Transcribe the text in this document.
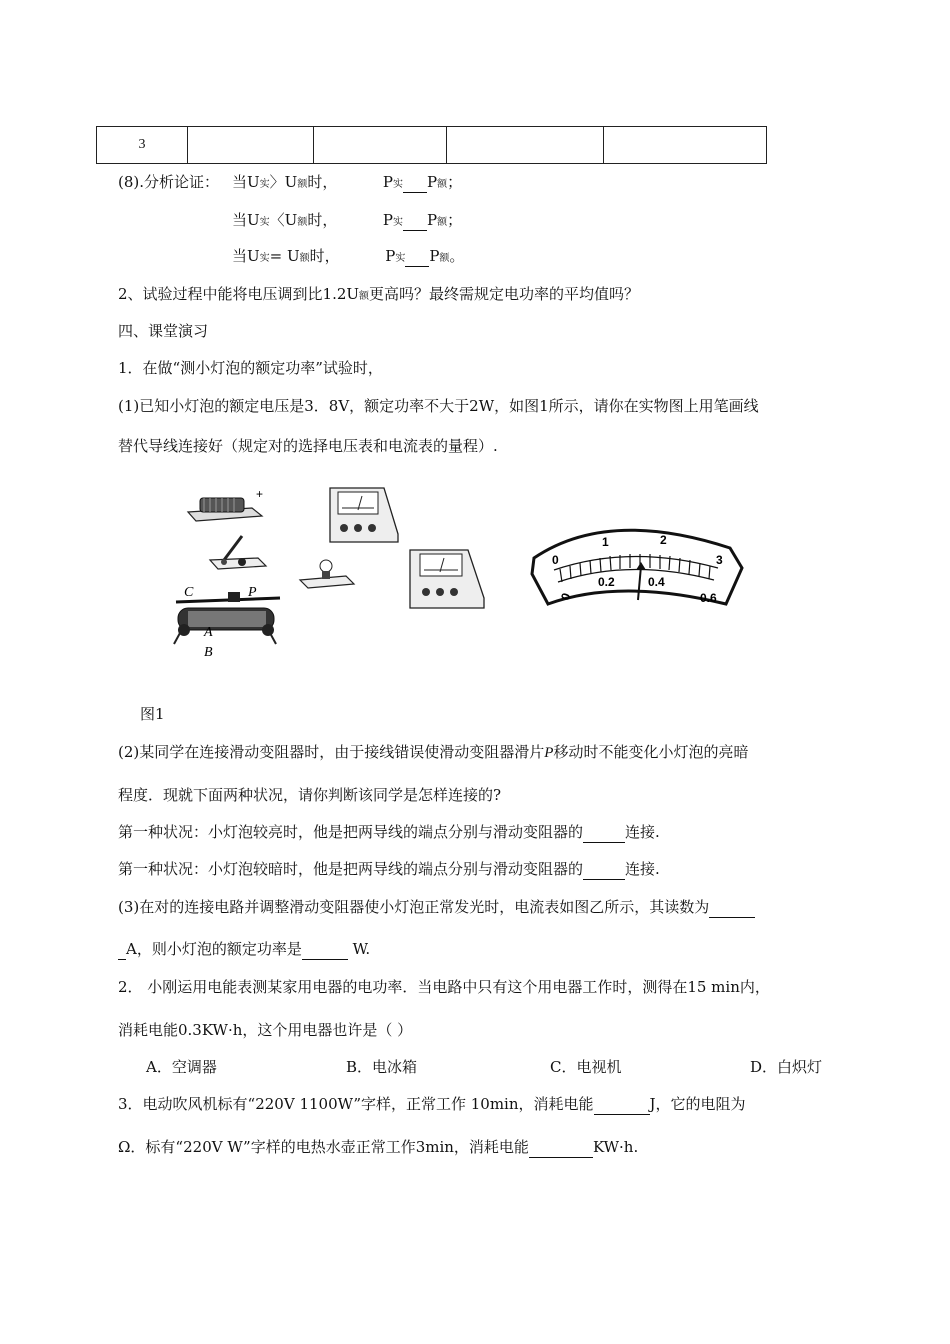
3				
(8).分析论证： 当U实〉U额时，	P实 P额；
当U实〈U额时，	P实 P额；
当U实= U额时，	P实 P额。
2、试验过程中能将电压调到比1.2U额更高吗？最终需规定电功率的平均值吗？
四、课堂演习
1．在做“测小灯泡的额定功率”试验时，
(1)已知小灯泡的额定电压是3．8V，额定功率不大于2W，如图1所示，请你在实物图上用笔画线
替代导线连接好（规定对的选择电压表和电流表的量程）.
+
C	P
A
B
0
1	2
3
0
0.2	0.4
0.6
图1
(2)某同学在连接滑动变阻器时，由于接线错误使滑动变阻器滑片P移动时不能变化小灯泡的亮暗
程度．现就下面两种状况，请你判断该同学是怎样连接的?
第一种状况：小灯泡较亮时，他是把两导线的端点分别与滑动变阻器的	连接.
第一种状况：小灯泡较暗时，他是把两导线的端点分别与滑动变阻器的	连接.
(3)在对的连接电路并调整滑动变阻器使小灯泡正常发光时，电流表如图乙所示，其读数为
A，则小灯泡的额定功率是	W.
2． 小刚运用电能表测某家用电器的电功率．当电路中只有这个用电器工作时，测得在15 min内，
消耗电能0.3KW·h，这个用电器也许是（ ）
A．空调器	B．电冰箱	C．电视机	D．白炽灯
3．电动吹风机标有“220V 1100W”字样，正常工作 10min，消耗电能	J，它的电阻为
Ω．标有“220V W”字样的电热水壶正常工作3min，消耗电能	KW·h.
